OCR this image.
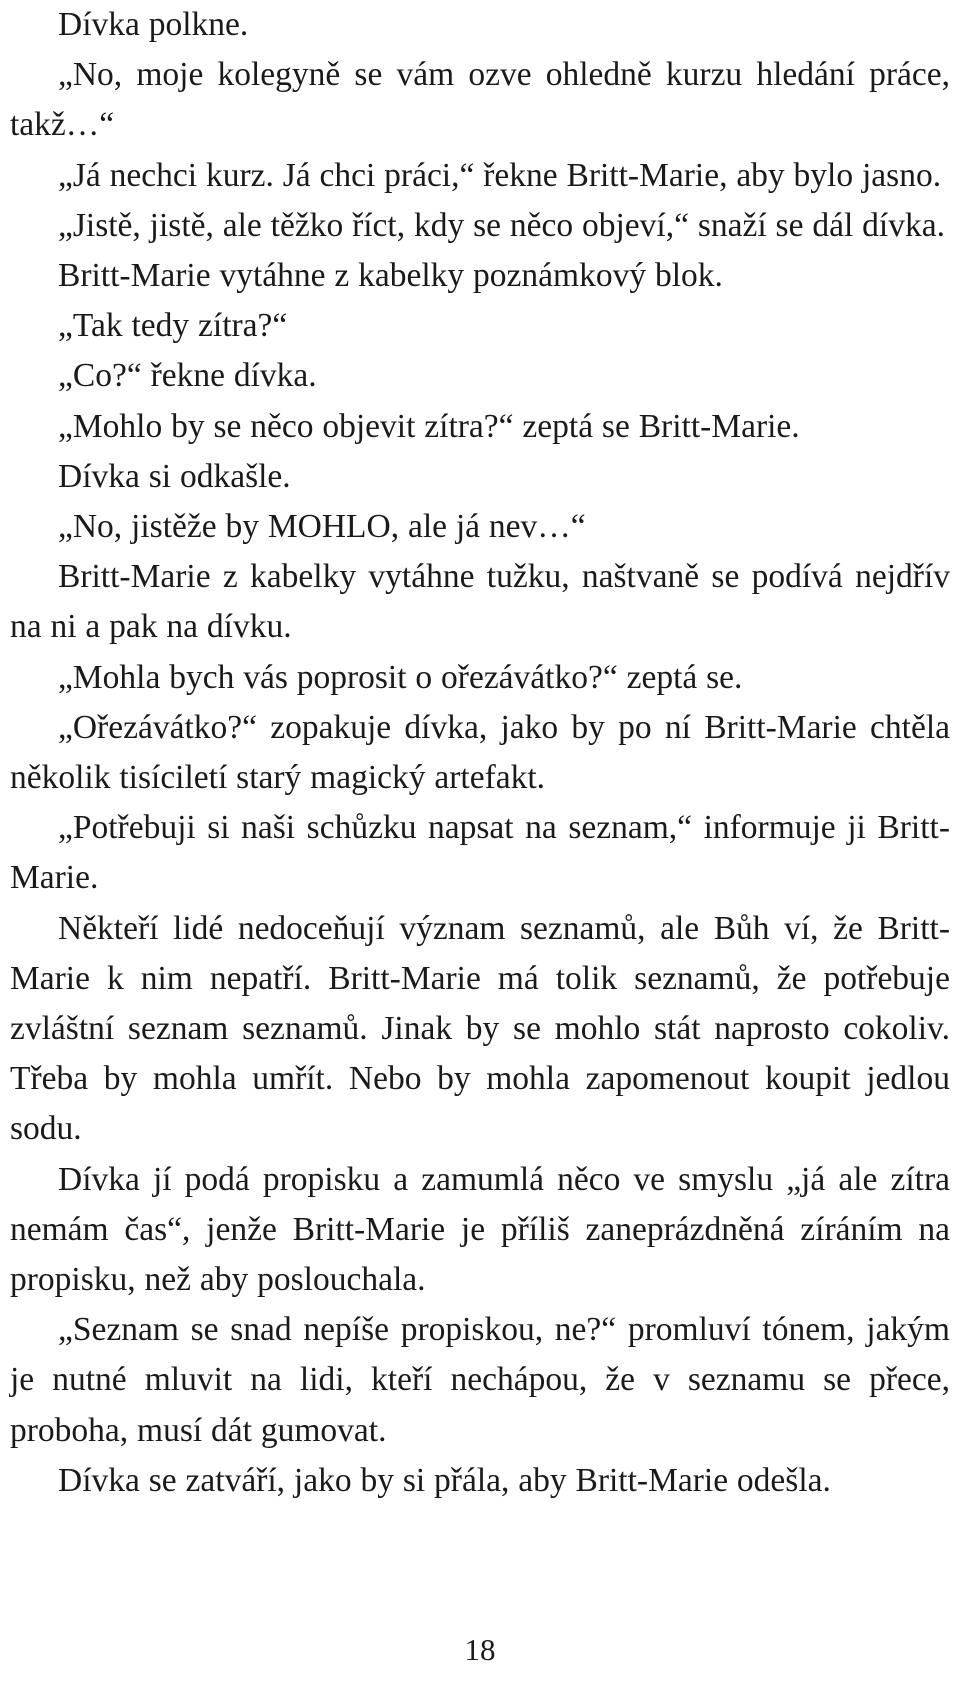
Dívka polkne.

„No, moje kolegyně se vám ozve ohledně kurzu hledání práce, takž…“

„Já nechci kurz. Já chci práci,“ řekne Britt-Marie, aby bylo jasno.

„Jistě, jistě, ale těžko říct, kdy se něco objeví,“ snaží se dál dívka.

Britt-Marie vytáhne z kabelky poznámkový blok.

„Tak tedy zítra?“

„Co?“ řekne dívka.

„Mohlo by se něco objevit zítra?“ zeptá se Britt-Marie.

Dívka si odkašle.

„No, jistěže by MOHLO, ale já nev…“

Britt-Marie z kabelky vytáhne tužku, naštvaně se podívá nejdřív na ni a pak na dívku.

„Mohla bych vás poprosit o ořezávátko?“ zeptá se.

„Ořezávátko?“ zopakuje dívka, jako by po ní Britt-Marie chtěla několik tisíciletí starý magický artefakt.

„Potřebuji si naši schůzku napsat na seznam,“ informuje ji Britt-Marie.

Někteří lidé nedoceňují význam seznamů, ale Bůh ví, že Britt-Marie k nim nepatří. Britt-Marie má tolik seznamů, že potřebuje zvláštní seznam seznamů. Jinak by se mohlo stát naprosto cokoliv. Třeba by mohla umřít. Nebo by mohla zapomenout koupit jedlou sodu.

Dívka jí podá propisku a zamumlá něco ve smyslu „já ale zítra nemám čas“, jenže Britt-Marie je příliš zaneprázdněná zíráním na propisku, než aby poslouchala.

„Seznam se snad nepíše propiskou, ne?“ promluví tónem, jakým je nutné mluvit na lidi, kteří nechápou, že v seznamu se přece, proboha, musí dát gumovat.

Dívka se zatváří, jako by si přála, aby Britt-Marie odešla.

18
